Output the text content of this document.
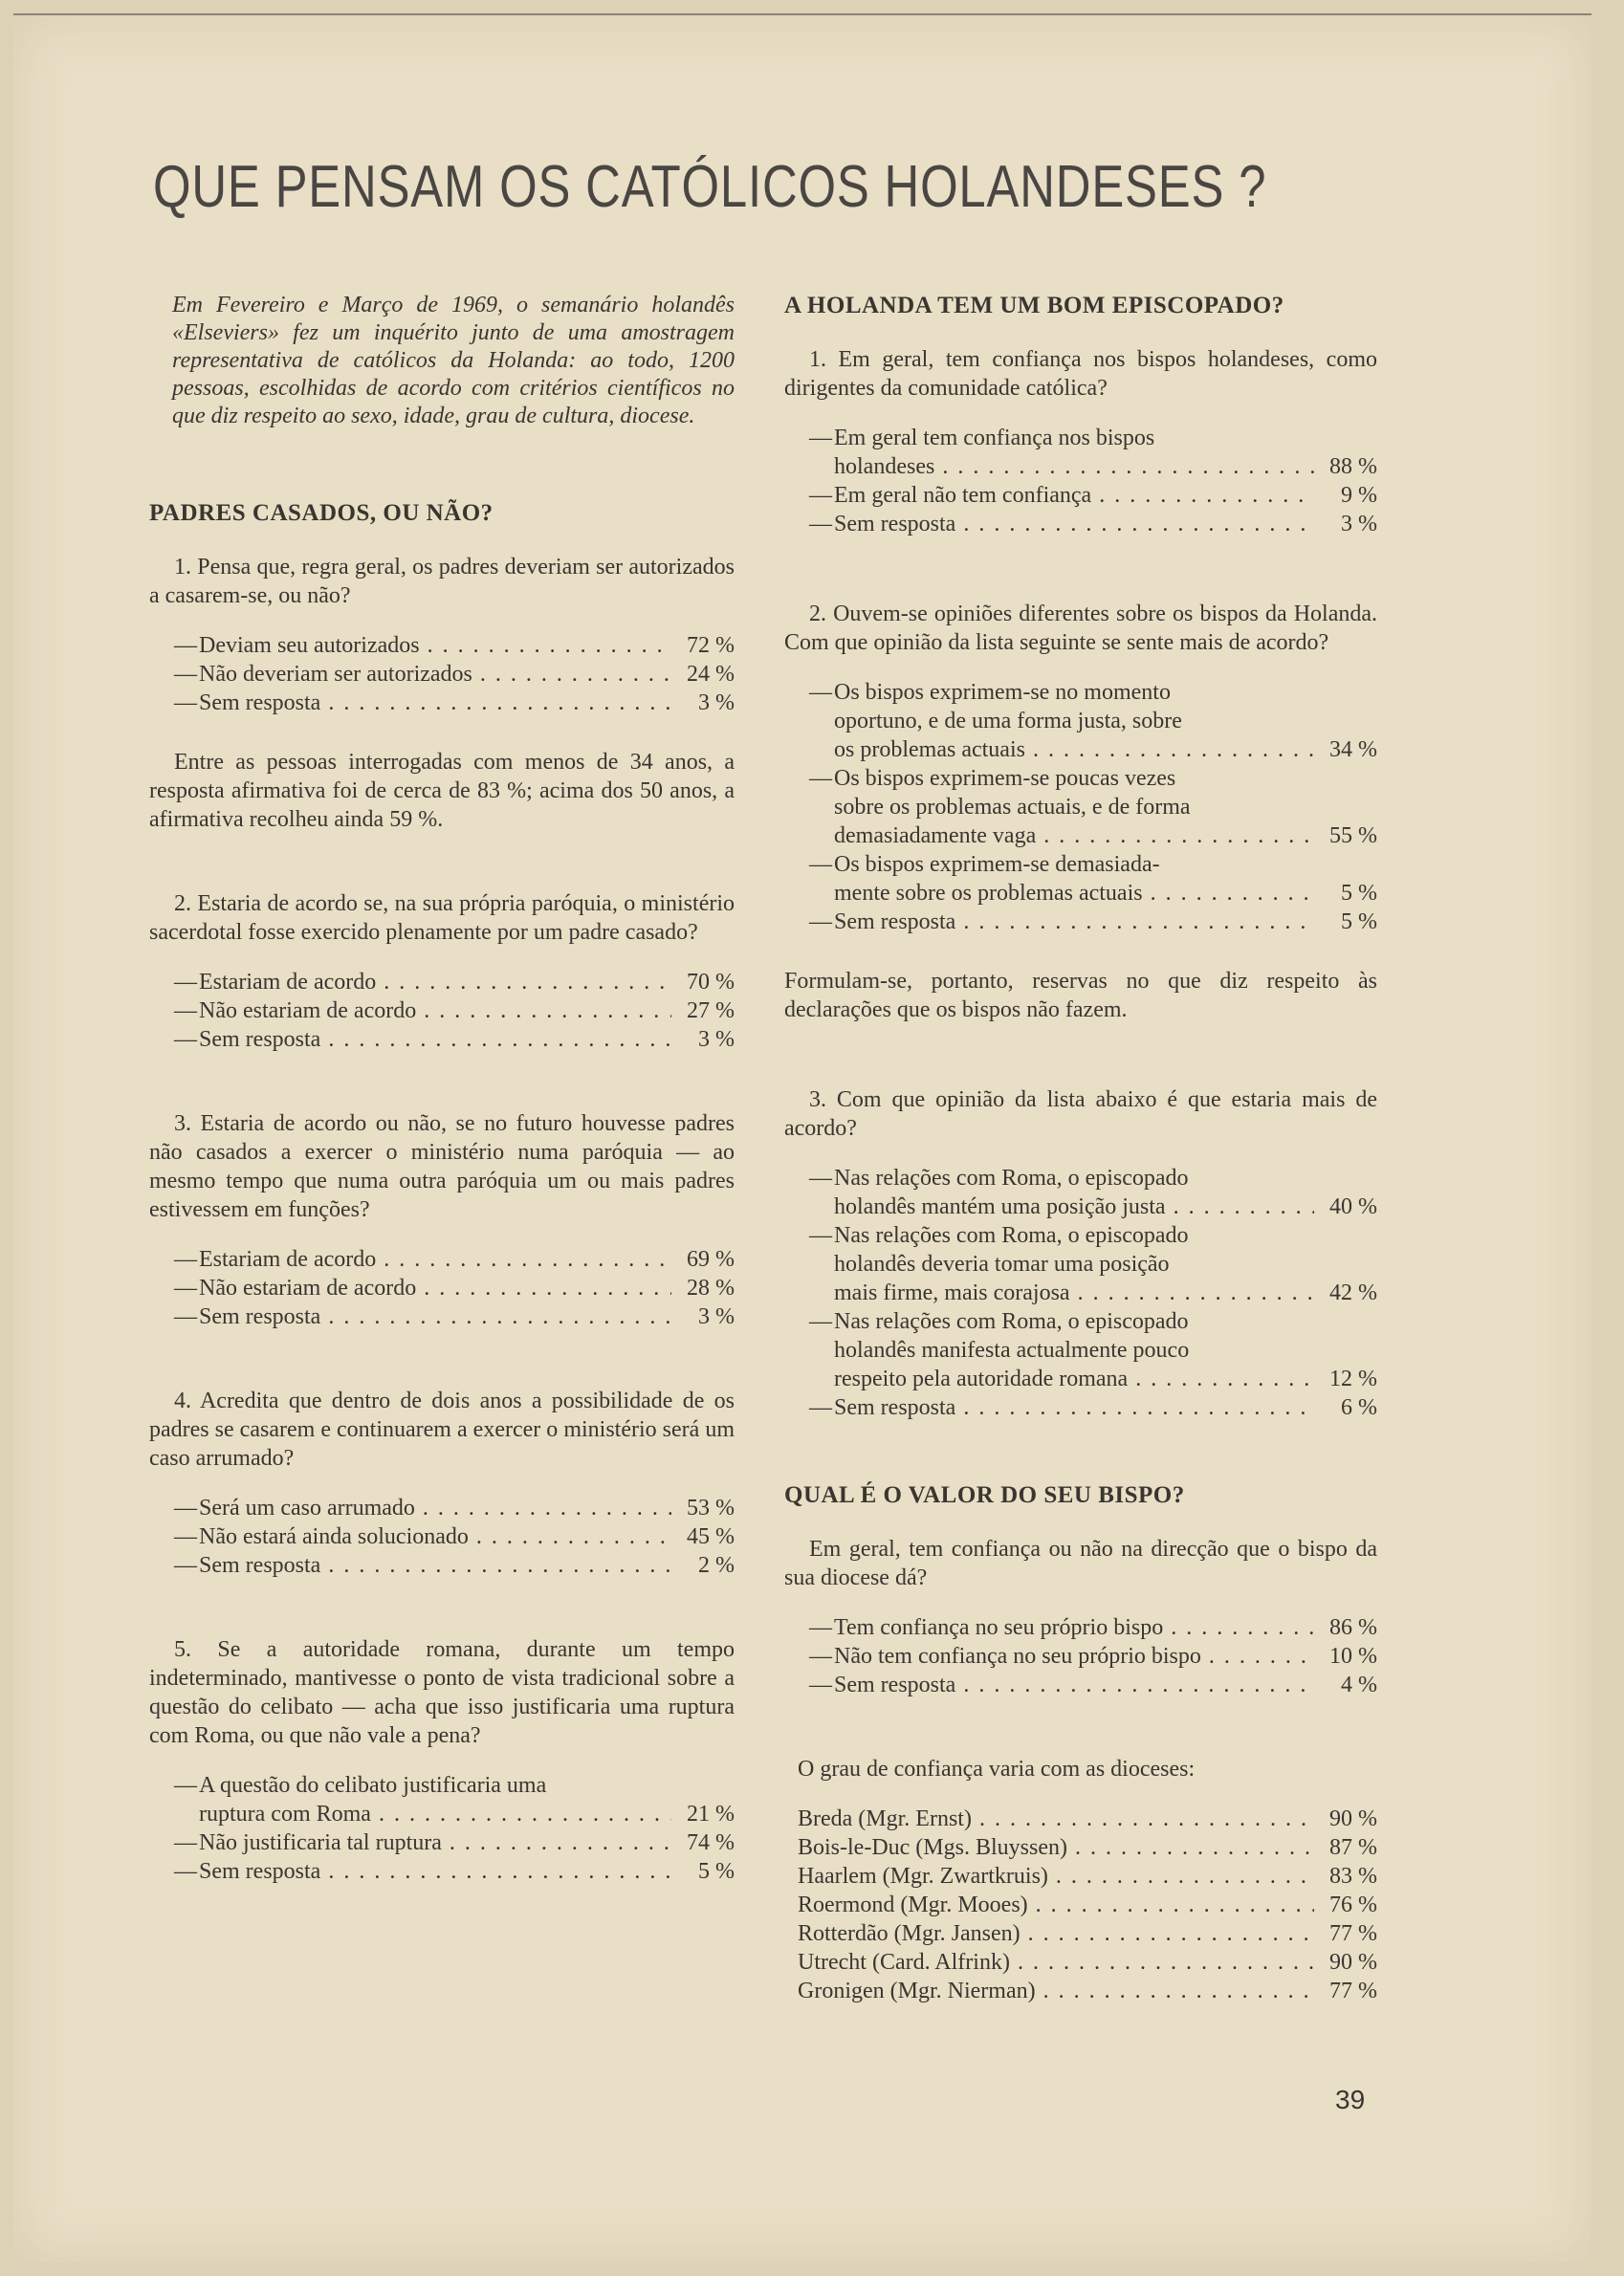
QUE PENSAM OS CATÓLICOS HOLANDESES ?

Em Fevereiro e Março de 1969, o semanário holandês «Elseviers» fez um inquérito junto de uma amostragem representativa de católicos da Holanda: ao todo, 1200 pessoas, escolhidas de acordo com critérios científicos no que diz respeito ao sexo, idade, grau de cultura, diocese.

PADRES CASADOS, OU NÃO?

1. Pensa que, regra geral, os padres deveriam ser autorizados a casarem-se, ou não?

— Deviam seu autorizados . . .	72 %
— Não deveriam ser autorizados . . .	24 %
— Sem resposta . . .	3 %

Entre as pessoas interrogadas com menos de 34 anos, a resposta afirmativa foi de cerca de 83 %; acima dos 50 anos, a afirmativa recolheu ainda 59 %.

2. Estaria de acordo se, na sua própria paróquia, o ministério sacerdotal fosse exercido plenamente por um padre casado?

— Estariam de acordo . . .	70 %
— Não estariam de acordo . . .	27 %
— Sem resposta . . .	3 %

3. Estaria de acordo ou não, se no futuro houvesse padres não casados a exercer o ministério numa paróquia — ao mesmo tempo que numa outra paróquia um ou mais padres estivessem em funções?

— Estariam de acordo . . .	69 %
— Não estariam de acordo . . .	28 %
— Sem resposta . . .	3 %

4. Acredita que dentro de dois anos a possibilidade de os padres se casarem e continuarem a exercer o ministério será um caso arrumado?

— Será um caso arrumado . . .	53 %
— Não estará ainda solucionado . . .	45 %
— Sem resposta . . .	2 %

5. Se a autoridade romana, durante um tempo indeterminado, mantivesse o ponto de vista tradicional sobre a questão do celibato — acha que isso justificaria uma ruptura com Roma, ou que não vale a pena?

— A questão do celibato justificaria uma
ruptura com Roma . . .	21 %
— Não justificaria tal ruptura . . .	74 %
— Sem resposta . . .	5 %
A HOLANDA TEM UM BOM EPISCOPADO?

1. Em geral, tem confiança nos bispos holandeses, como dirigentes da comunidade católica?

— Em geral tem confiança nos bispos
holandeses . . .	88 %
— Em geral não tem confiança . . .	9 %
— Sem resposta . . .	3 %

2. Ouvem-se opiniões diferentes sobre os bispos da Holanda. Com que opinião da lista seguinte se sente mais de acordo?

— Os bispos exprimem-se no momento
oportuno, e de uma forma justa, sobre
os problemas actuais . . .	34 %
— Os bispos exprimem-se poucas vezes
sobre os problemas actuais, e de forma
demasiadamente vaga . . .	55 %
— Os bispos exprimem-se demasiada-
mente sobre os problemas actuais . . .	5 %
— Sem resposta . . .	5 %

Formulam-se, portanto, reservas no que diz respeito às declarações que os bispos não fazem.

3. Com que opinião da lista abaixo é que estaria mais de acordo?

— Nas relações com Roma, o episcopado
holandês mantém uma posição justa . . .	40 %
— Nas relações com Roma, o episcopado
holandês deveria tomar uma posição
mais firme, mais corajosa . . .	42 %
— Nas relações com Roma, o episcopado
holandês manifesta actualmente pouco
respeito pela autoridade romana . . .	12 %
— Sem resposta . . .	6 %
QUAL É O VALOR DO SEU BISPO?

Em geral, tem confiança ou não na direcção que o bispo da sua diocese dá?

— Tem confiança no seu próprio bispo . . .	86 %
— Não tem confiança no seu próprio bispo . . .	10 %
— Sem resposta . . .	4 %

O grau de confiança varia com as dioceses:

Breda (Mgr. Ernst) . . .	90 %
Bois-le-Duc (Mgs. Bluyssen) . . .	87 %
Haarlem (Mgr. Zwartkruis) . . .	83 %
Roermond (Mgr. Mooes) . . .	76 %
Rotterdão (Mgr. Jansen) . . .	77 %
Utrecht (Card. Alfrink) . . .	90 %
Gronigen (Mgr. Nierman) . . .	77 %
39
